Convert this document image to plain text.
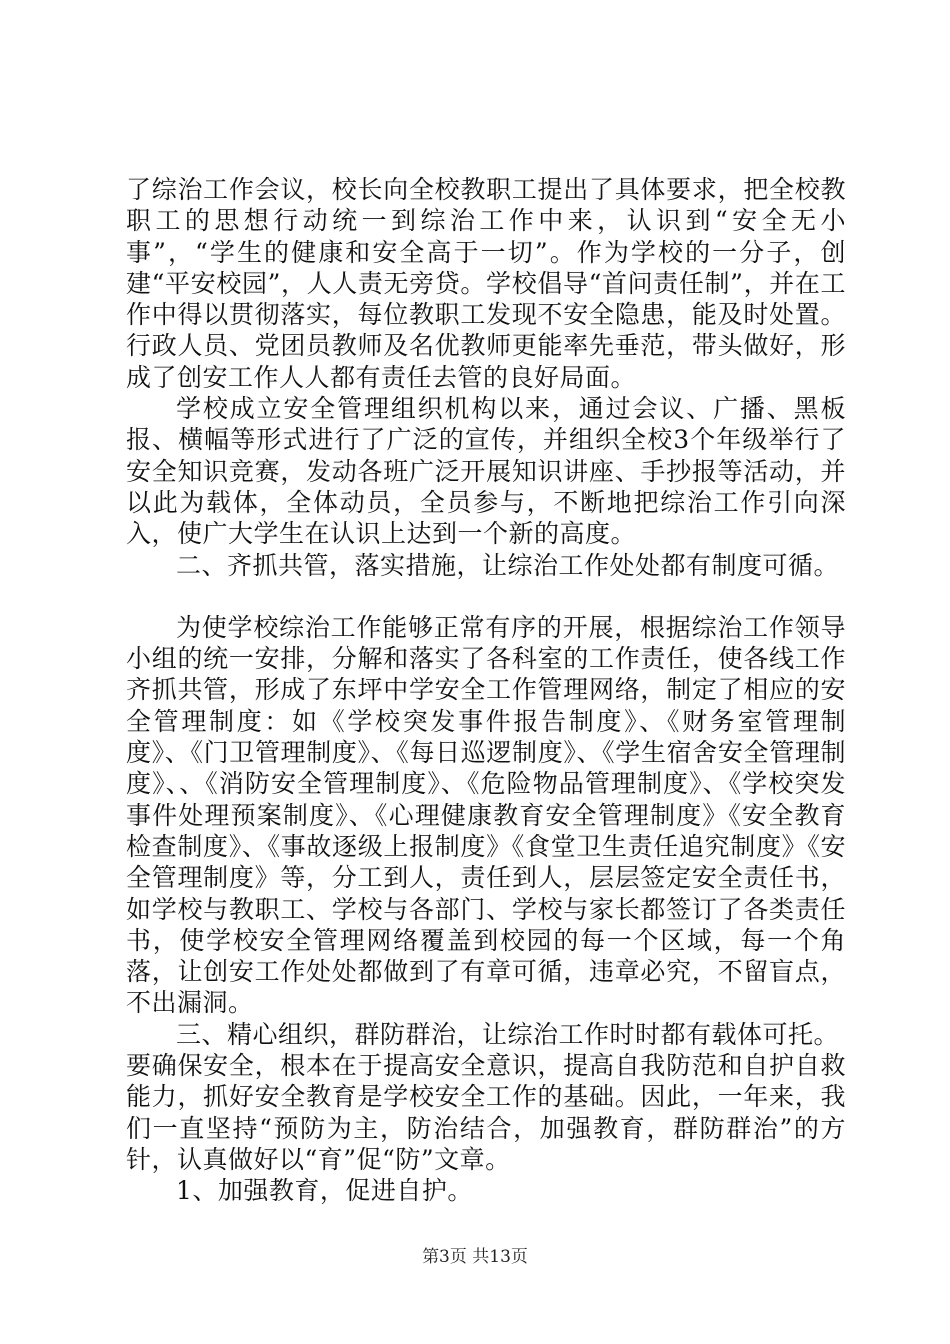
了综治工作会议，校长向全校教职工提出了具体要求，把全校教职工的思想行动统一到综治工作中来，认识到“安全无小事”，“学生的健康和安全高于一切”。作为学校的一分子，创建“平安校园”，人人责无旁贷。学校倡导“首问责任制”，并在工作中得以贯彻落实，每位教职工发现不安全隐患，能及时处置。行政人员、党团员教师及名优教师更能率先垂范，带头做好，形成了创安工作人人都有责任去管的良好局面。

学校成立安全管理组织机构以来，通过会议、广播、黑板报、横幅等形式进行了广泛的宣传，并组织全校3个年级举行了安全知识竞赛，发动各班广泛开展知识讲座、手抄报等活动，并以此为载体，全体动员，全员参与，不断地把综治工作引向深入，使广大学生在认识上达到一个新的高度。

二、齐抓共管，落实措施，让综治工作处处都有制度可循。

为使学校综治工作能够正常有序的开展，根据综治工作领导小组的统一安排，分解和落实了各科室的工作责任，使各线工作齐抓共管，形成了东坪中学安全工作管理网络，制定了相应的安全管理制度：如《学校突发事件报告制度》、《财务室管理制度》、《门卫管理制度》、《每日巡逻制度》、《学生宿舍安全管理制度》、、《消防安全管理制度》、《危险物品管理制度》、《学校突发事件处理预案制度》、《心理健康教育安全管理制度》《安全教育检查制度》、《事故逐级上报制度》《食堂卫生责任追究制度》《安全管理制度》等，分工到人，责任到人，层层签定安全责任书，如学校与教职工、学校与各部门、学校与家长都签订了各类责任书，使学校安全管理网络覆盖到校园的每一个区域，每一个角落，让创安工作处处都做到了有章可循，违章必究，不留盲点，不出漏洞。

三、精心组织，群防群治，让综治工作时时都有载体可托。

要确保安全，根本在于提高安全意识，提高自我防范和自护自救能力，抓好安全教育是学校安全工作的基础。因此，一年来，我们一直坚持“预防为主，防治结合，加强教育，群防群治”的方针，认真做好以“育”促“防”文章。

1、加强教育，促进自护。

第3页 共13页
